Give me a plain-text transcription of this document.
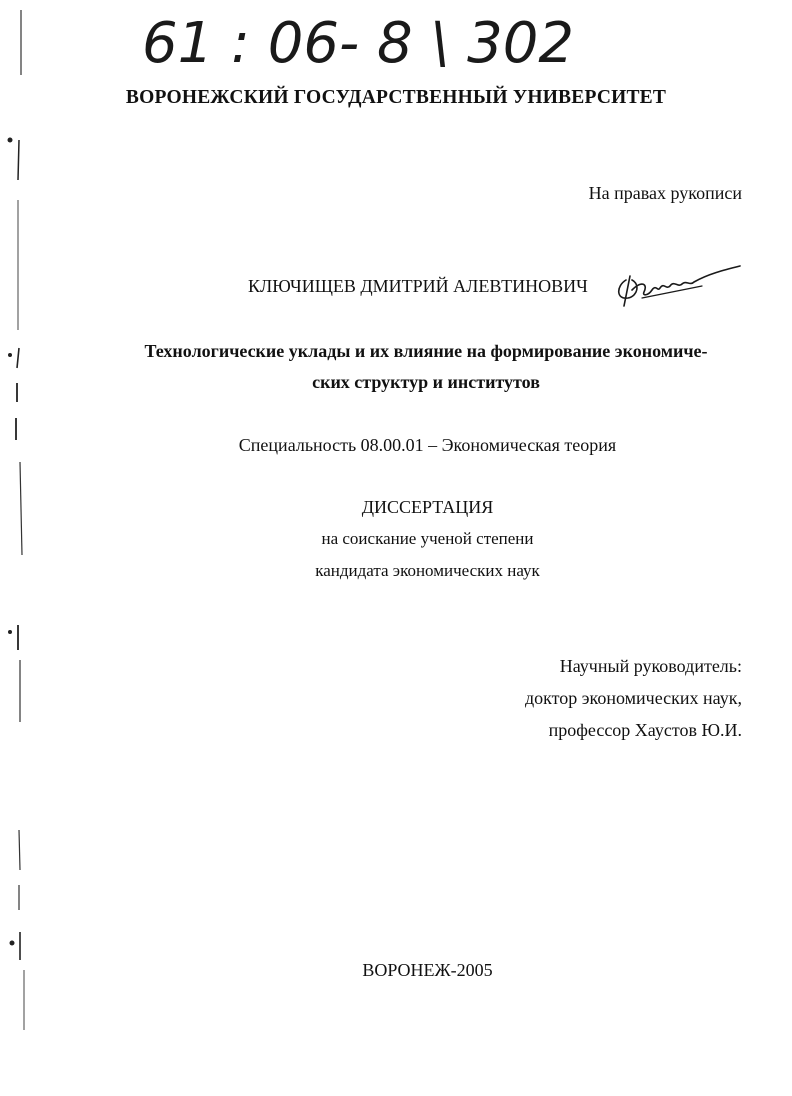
61 : 06- 8 \ 302
ВОРОНЕЖСКИЙ ГОСУДАРСТВЕННЫЙ УНИВЕРСИТЕТ
На правах рукописи
КЛЮЧИЩЕВ ДМИТРИЙ АЛЕВТИНОВИЧ
Технологические уклады и их влияние на формирование экономиче-
ских структур и институтов
Специальность 08.00.01 – Экономическая теория
ДИССЕРТАЦИЯ
на соискание ученой степени
кандидата экономических наук
Научный руководитель:
доктор экономических наук,
профессор Хаустов Ю.И.
ВОРОНЕЖ-2005
